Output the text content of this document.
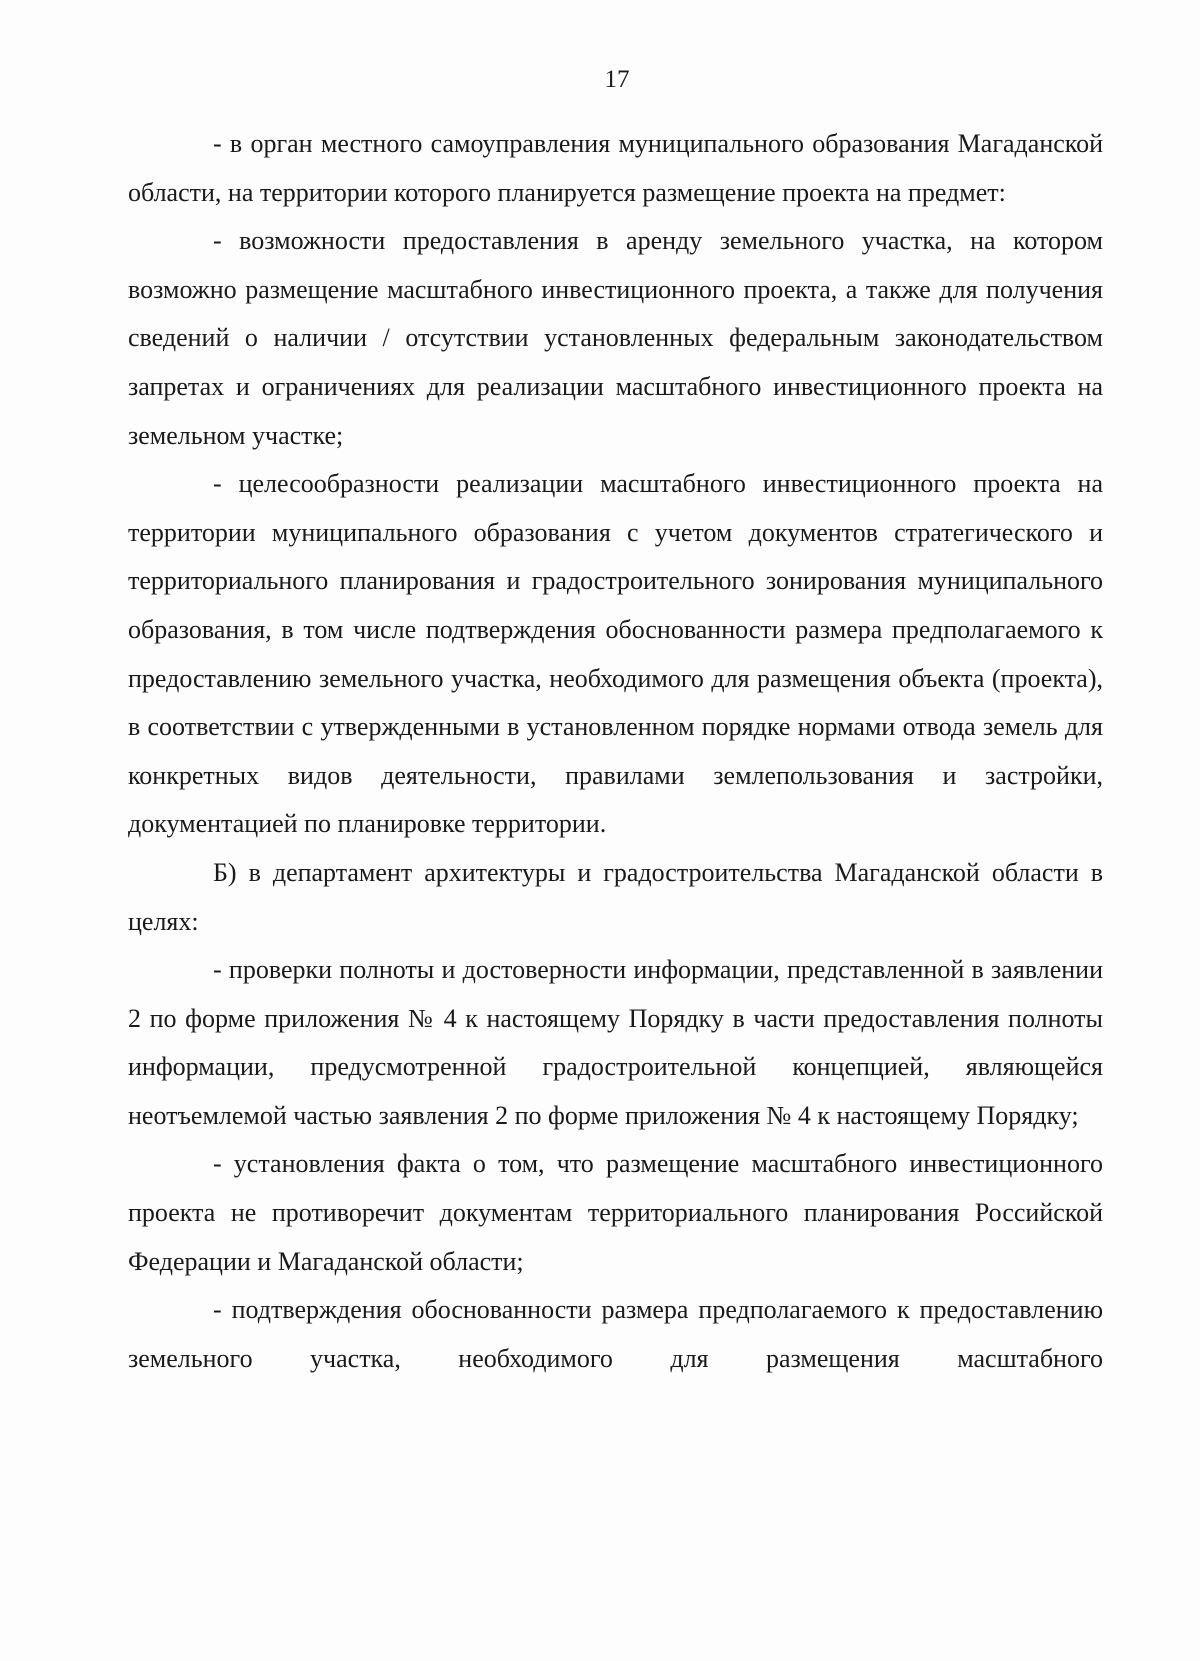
17

- в орган местного самоуправления муниципального образования Магаданской области, на территории которого планируется размещение проекта на предмет:

- возможности предоставления в аренду земельного участка, на котором возможно размещение масштабного инвестиционного проекта, а также для получения сведений о наличии / отсутствии установленных федеральным законодательством запретах и ограничениях для реализации масштабного инвестиционного проекта на земельном участке;

- целесообразности реализации масштабного инвестиционного проекта на территории муниципального образования с учетом документов стратегического и территориального планирования и градостроительного зонирования муниципального образования, в том числе подтверждения обоснованности размера предполагаемого к предоставлению земельного участка, необходимого для размещения объекта (проекта), в соответствии с утвержденными в установленном порядке нормами отвода земель для конкретных видов деятельности, правилами землепользования и застройки, документацией по планировке территории.

Б) в департамент архитектуры и градостроительства Магаданской области в целях:

- проверки полноты и достоверности информации, представленной в заявлении 2 по форме приложения № 4 к настоящему Порядку в части предоставления полноты информации, предусмотренной градостроительной концепцией, являющейся неотъемлемой частью заявления 2 по форме приложения № 4 к настоящему Порядку;

- установления факта о том, что размещение масштабного инвестиционного проекта не противоречит документам территориального планирования Российской Федерации и Магаданской области;

- подтверждения обоснованности размера предполагаемого к предоставлению земельного участка, необходимого для размещения масштабного
